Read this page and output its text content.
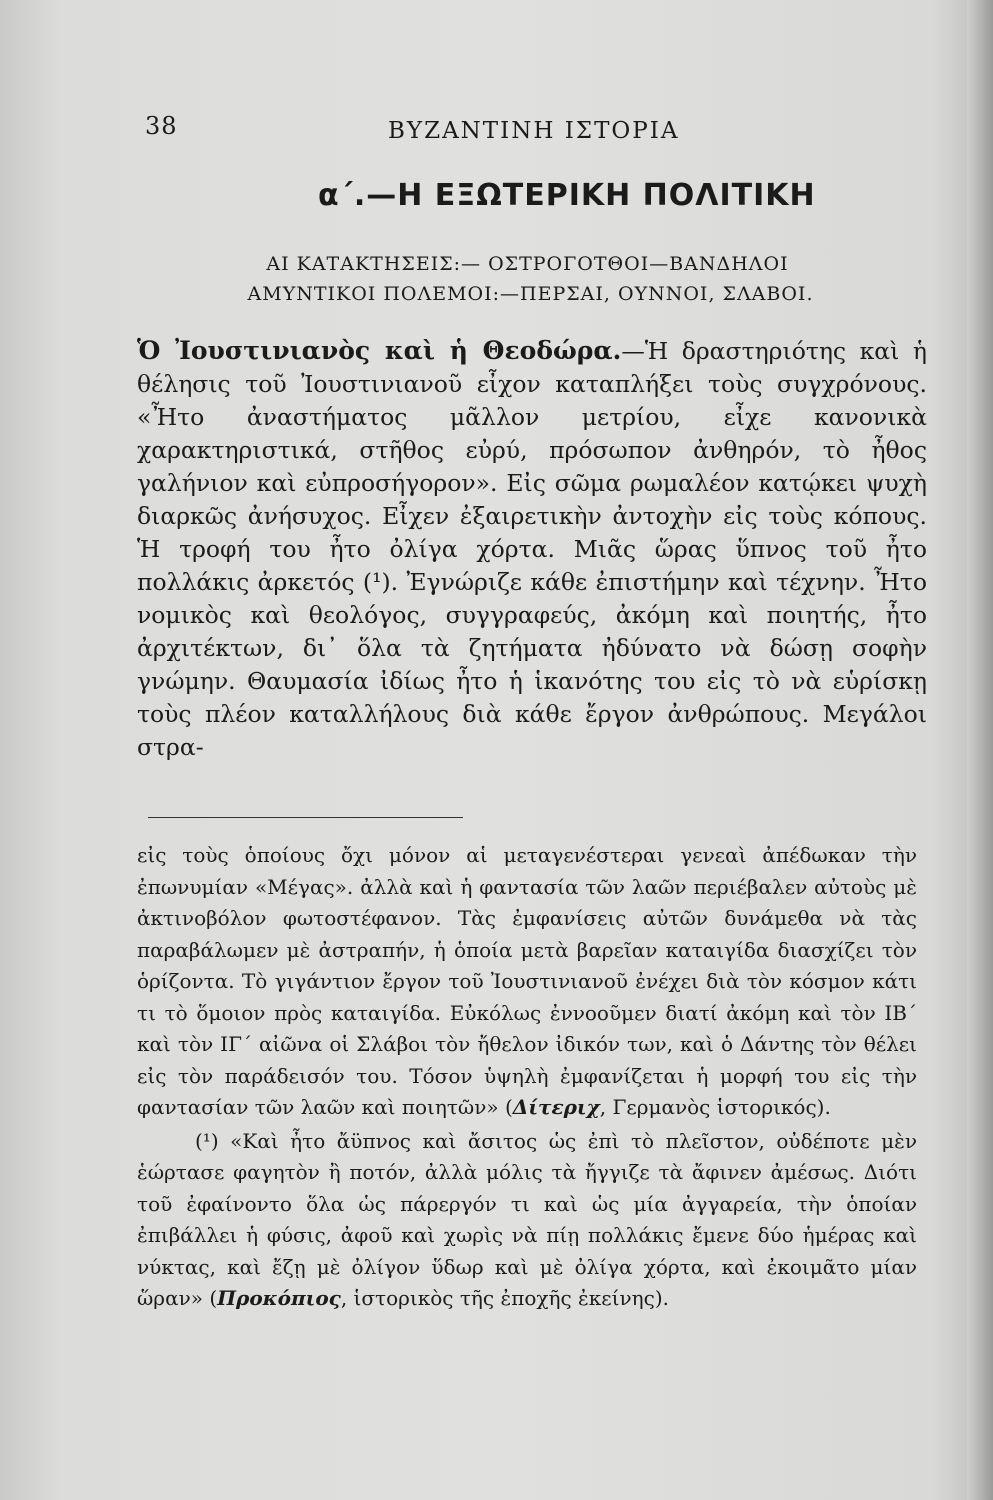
38	ΒΥΖΑΝΤΙΝΗ ΙΣΤΟΡΙΑ
α΄.—Η ΕΞΩΤΕΡΙΚΗ ΠΟΛΙΤΙΚΗ
ΑΙ ΚΑΤΑΚΤΗΣΕΙΣ:— ΟΣΤΡΟΓΟΤΘΟΙ—ΒΑΝΔΗΛΟΙ
ΑΜΥΝΤΙΚΟΙ ΠΟΛΕΜΟΙ:—ΠΕΡΣΑΙ, ΟΥΝΝΟΙ, ΣΛΑΒΟΙ.
Ὁ Ἰουστινιανὸς καὶ ἡ Θεοδώρα.—Ἡ δραστηριότης καὶ ἡ θέλησις τοῦ Ἰουστινιανοῦ εἶχον καταπλήξει τοὺς συγχρόνους. «Ἦτο ἀναστήματος μᾶλλον μετρίου, εἶχε κανονικὰ χαρακτηριστικά, στῆθος εὐρύ, πρόσωπον ἀνθηρόν, τὸ ἦθος γαλήνιον καὶ εὐπροσήγορον». Εἰς σῶμα ρωμαλέον κατῴκει ψυχὴ διαρκῶς ἀνήσυχος. Εἶχεν ἐξαιρετικὴν ἀντοχὴν εἰς τοὺς κόπους. Ἡ τροφή του ἦτο ὀλίγα χόρτα. Μιᾶς ὥρας ὕπνος τοῦ ἦτο πολλάκις ἀρκετός (¹). Ἐγνώριζε κάθε ἐπιστήμην καὶ τέχνην. Ἦτο νομικὸς καὶ θεολόγος, συγγραφεύς, ἀκόμη καὶ ποιητής, ἦτο ἀρχιτέκτων, δι᾽ ὅλα τὰ ζητήματα ἠδύνατο νὰ δώσῃ σοφὴν γνώμην. Θαυμασία ἰδίως ἦτο ἡ ἱκανότης του εἰς τὸ νὰ εὑρίσκῃ τοὺς πλέον καταλλήλους διὰ κάθε ἔργον ἀνθρώπους. Μεγάλοι στρα-

εἰς τοὺς ὁποίους ὄχι μόνον αἱ μεταγενέστεραι γενεαὶ ἀπέδωκαν τὴν ἐπωνυμίαν «Μέγας». ἀλλὰ καὶ ἡ φαντασία τῶν λαῶν περιέβαλεν αὐτοὺς μὲ ἀκτινοβόλον φωτοστέφανον. Τὰς ἐμφανίσεις αὐτῶν δυνάμεθα νὰ τὰς παραβάλωμεν μὲ ἀστραπήν, ἡ ὁποία μετὰ βαρεῖαν καταιγίδα διασχίζει τὸν ὁρίζοντα. Τὸ γιγάντιον ἔργον τοῦ Ἰουστινιανοῦ ἐνέχει διὰ τὸν κόσμον κάτι τι τὸ ὅμοιον πρὸς καταιγίδα. Εὐκόλως ἐννοοῦμεν διατί ἀκόμη καὶ τὸν ΙΒ΄ καὶ τὸν ΙΓ΄ αἰῶνα οἱ Σλάβοι τὸν ἤθελον ἰδικόν των, καὶ ὁ Δάντης τὸν θέλει εἰς τὸν παράδεισόν του. Τόσον ὑψηλὴ ἐμφανίζεται ἡ μορφή του εἰς τὴν φαντασίαν τῶν λαῶν καὶ ποιητῶν» (Δίτεριχ, Γερμανὸς ἱστορικός).

(¹) «Καὶ ἦτο ἄϋπνος καὶ ἄσιτος ὡς ἐπὶ τὸ πλεῖστον, οὐδέποτε μὲν ἑώρτασε φαγητὸν ἢ ποτόν, ἀλλὰ μόλις τὰ ἤγγιζε τὰ ἄφινεν ἀμέσως. Διότι τοῦ ἐφαίνοντο ὅλα ὡς πάρεργόν τι καὶ ὡς μία ἀγγαρεία, τὴν ὁποίαν ἐπιβάλλει ἡ φύσις, ἀφοῦ καὶ χωρὶς νὰ πίῃ πολλάκις ἔμενε δύο ἡμέρας καὶ νύκτας, καὶ ἔζῃ μὲ ὀλίγον ὕδωρ καὶ μὲ ὀλίγα χόρτα, καὶ ἐκοιμᾶτο μίαν ὥραν» (Προκόπιος, ἱστορικὸς τῆς ἐποχῆς ἐκείνης).
